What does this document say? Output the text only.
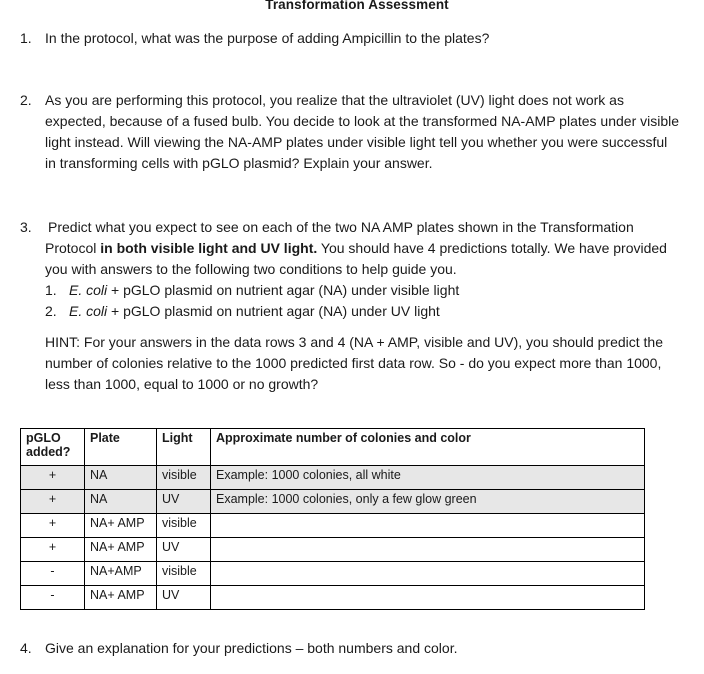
Transformation Assessment
1. In the protocol, what was the purpose of adding Ampicillin to the plates?

2. As you are performing this protocol, you realize that the ultraviolet (UV) light does not work as expected, because of a fused bulb. You decide to look at the transformed NA-AMP plates under visible light instead. Will viewing the NA-AMP plates under visible light tell you whether you were successful in transforming cells with pGLO plasmid? Explain your answer.

3.	Predict what you expect to see on each of the two NA AMP plates shown in the Transformation Protocol in both visible light and UV light. You should have 4 predictions totally. We have provided you with answers to the following two conditions to help guide you.

1. E. coli + pGLO plasmid on nutrient agar (NA) under visible light
2. E. coli + pGLO plasmid on nutrient agar (NA) under UV light

HINT: For your answers in the data rows 3 and 4 (NA + AMP, visible and UV), you should predict the number of colonies relative to the 1000 predicted first data row. So - do you expect more than 1000, less than 1000, equal to 1000 or no growth?

pGLO added?	Plate	Light	Approximate number of colonies and color
+	NA	visible	Example: 1000 colonies, all white
+	NA	UV	Example: 1000 colonies, only a few glow green
+	NA+ AMP	visible	
+	NA+ AMP	UV	
-	NA+AMP	visible	
-	NA+ AMP	UV	
4. Give an explanation for your predictions – both numbers and color.
